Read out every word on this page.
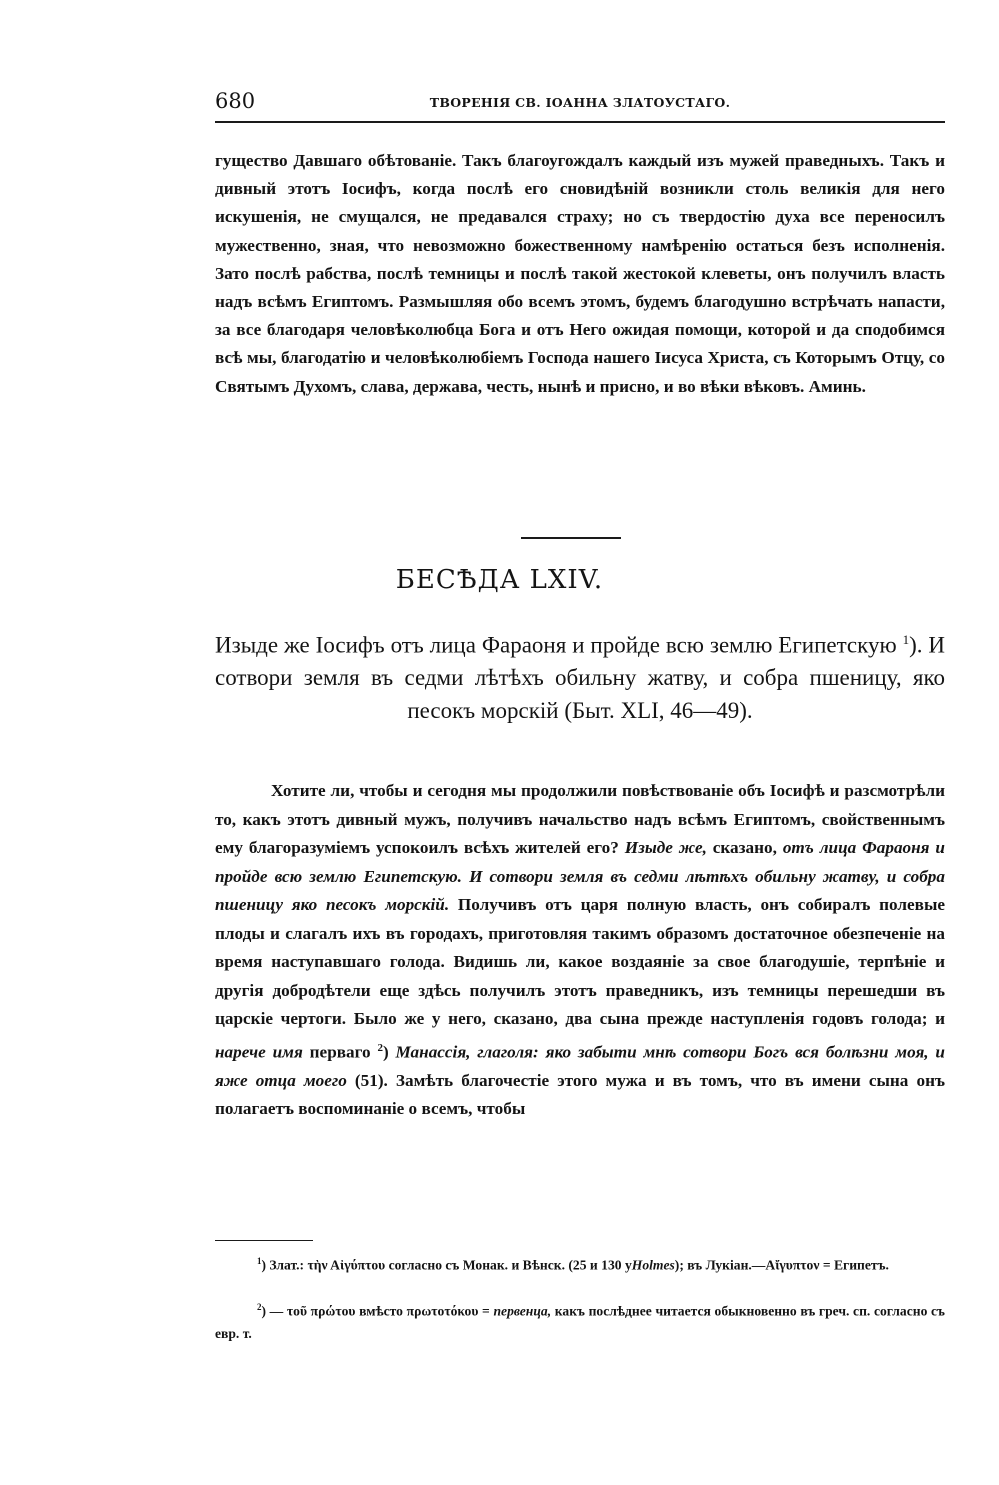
680	ТВОРЕНІЯ СВ. ІОАННА ЗЛАТОУСТАГО.

гущество Давшаго обѣтованіе. Такъ благоугождалъ каждый изъ мужей праведныхъ. Такъ и дивный этотъ Іосифъ, когда послѣ его сновидѣній возникли столь великія для него искушенія, не смущался, не предавался страху; но съ твердостію духа все переносилъ мужественно, зная, что невозможно божественному намѣренію остаться безъ исполненія. Зато послѣ рабства, послѣ темницы и послѣ такой жестокой клеветы, онъ получилъ власть надъ всѣмъ Египтомъ. Размышляя обо всемъ этомъ, будемъ благодушно встрѣчать напасти, за все благодаря человѣколюбца Бога и отъ Него ожидая помощи, которой и да сподобимся всѣ мы, благодатію и человѣколюбіемъ Господа нашего Іисуса Христа, съ Которымъ Отцу, со Святымъ Духомъ, слава, держава, честь, нынѣ и присно, и во вѣки вѣковъ. Аминь.

БЕСѢДА LXIV.

Изыде же Іосифъ отъ лица Фараоня и пройде всю землю Египетскую $^1$). И сотвори земля въ седми лѣтѣхъ обильну жатву, и собра пшеницу, яко песокъ морскій (Быт. XLI, 46—49).

Хотите ли, чтобы и сегодня мы продолжили повѣствованіе объ Іосифѣ и разсмотрѣли то, какъ этотъ дивный мужъ, получивъ начальство надъ всѣмъ Египтомъ, свойственнымъ ему благоразуміемъ успокоилъ всѣхъ жителей его? Изыде же, сказано, отъ лица Фараоня и пройде всю землю Египетскую. И сотвори земля въ седми лѣтѣхъ обильну жатву, и собра пшеницу яко песокъ морскій. Получивъ отъ царя полную власть, онъ собиралъ полевые плоды и слагалъ ихъ въ городахъ, приготовляя такимъ образомъ достаточное обезпеченіе на время наступавшаго голода. Видишь ли, какое воздаяніе за свое благодушіе, терпѣніе и другія добродѣтели еще здѣсь получилъ этотъ праведникъ, изъ темницы перешедши въ царскіе чертоги. Было же у него, сказано, два сына прежде наступленія годовъ голода; и нарече имя перваго $^2$) Манассія, глаголя: яко забыти мнѣ сотвори Богъ вся болѣзни моя, и яже отца моего (51). Замѣть благочестіе этого мужа и въ томъ, что въ имени сына онъ полагаетъ воспоминаніе о всемъ, чтобы

$^1$) Злат.: τὴν Αἰγύπτου согласно съ Монак. и Вѣнск. (25 и 130 уHolmes); въ Лукіан.—Αἴγυπτον = Египетъ.

$^2$) — τοῦ πρώτου вмѣсто πρωτοτόκου = первенца, какъ послѣднее читается обыкновенно въ греч. сп. согласно съ евр. т.
